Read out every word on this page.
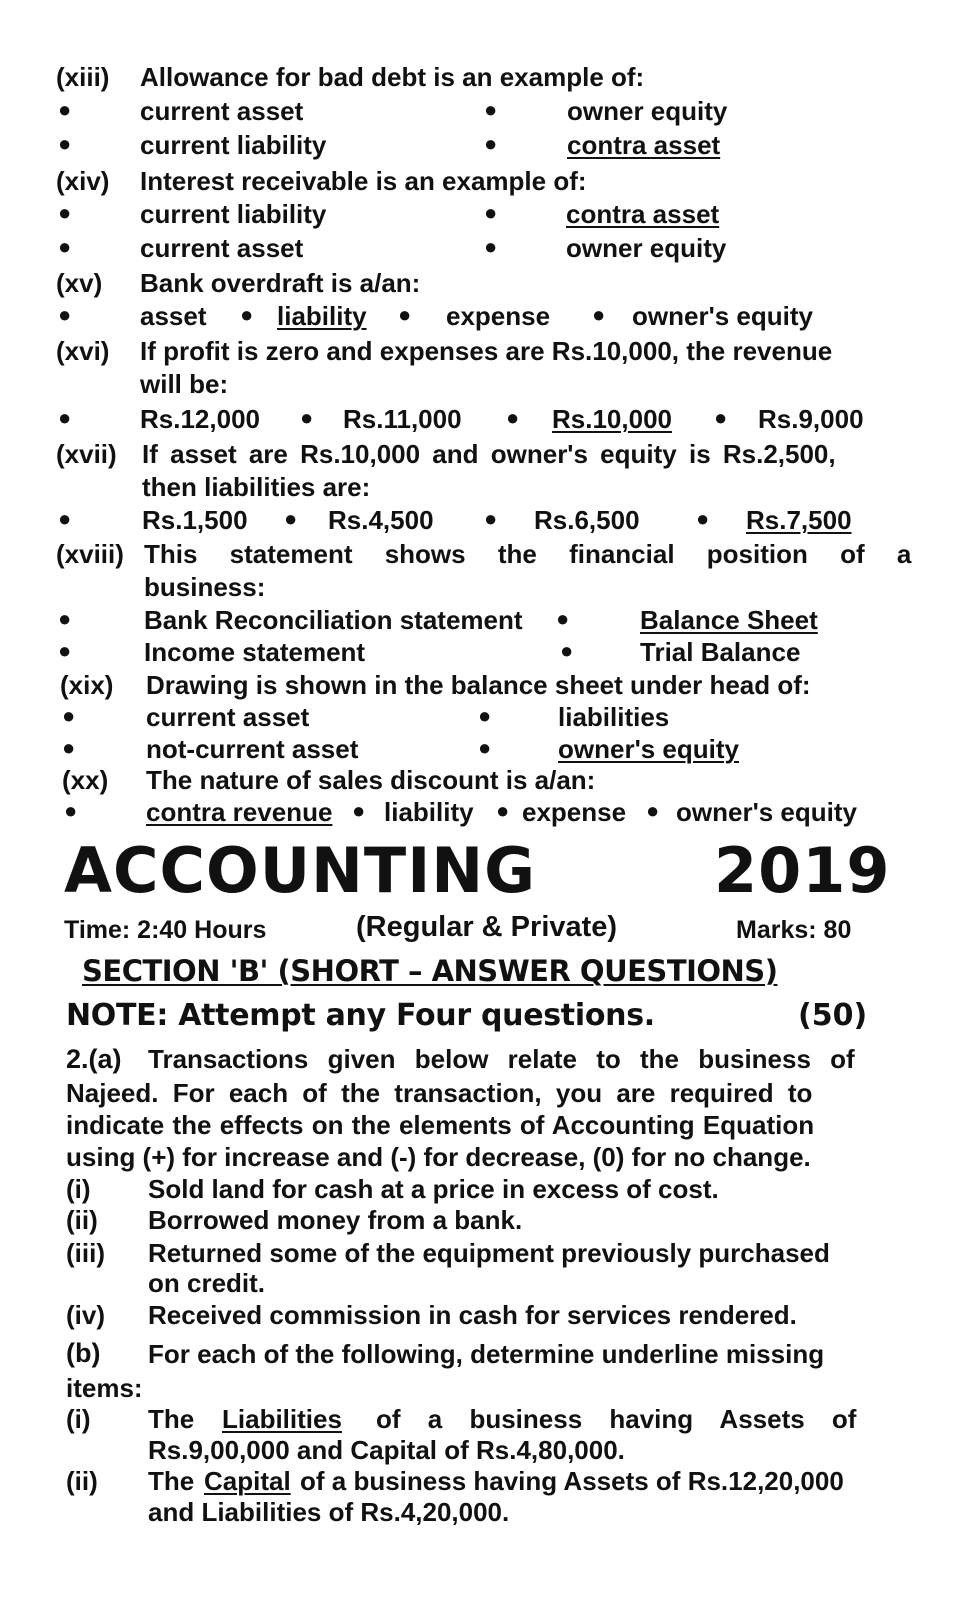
(xiii) Allowance for bad debt is an example of:
●	current asset	●	owner equity
●	current liability	●	contra asset
(xiv) Interest receivable is an example of:
●	current liability	●	contra asset
●	current asset	●	owner equity
(xv) Bank overdraft is a/an:
●	asset ● liability ● expense ● owner's equity
(xvi) If profit is zero and expenses are Rs.10,000, the revenue
will be:
●	Rs.12,000 ● Rs.11,000 ● Rs.10,000 ● Rs.9,000
(xvii) If asset are Rs.10,000 and owner's equity is Rs.2,500,
then liabilities are:
●	Rs.1,500 ● Rs.4,500 ● Rs.6,500	● Rs.7,500
(xviii) This statement shows the financial position of a
business:
●	Bank Reconciliation statement ●	Balance Sheet
●	Income statement	●	Trial Balance
(xix) Drawing is shown in the balance sheet under head of:
●	current asset	●	liabilities
●	not-current asset	●	owner's equity
(xx) The nature of sales discount is a/an:
●	contra revenue ● liability ● expense ● owner's equity
ACCOUNTING	2019
Time: 2:40 Hours	(Regular & Private)	Marks: 80
SECTION 'B' (SHORT – ANSWER QUESTIONS)
NOTE: Attempt any Four questions.	(50)
2.(a) Transactions given below relate to the business of
Najeed. For each of the transaction, you are required to
indicate the effects on the elements of Accounting Equation
using (+) for increase and (-) for decrease, (0) for no change.
(i) Sold land for cash at a price in excess of cost.
(ii) Borrowed money from a bank.
(iii) Returned some of the equipment previously purchased
on credit.
(iv) Received commission in cash for services rendered.
(b) For each of the following, determine underline missing
items:
(i) The Liabilities of a business having Assets of
Rs.9,00,000 and Capital of Rs.4,80,000.
(ii) The Capital of a business having Assets of Rs.12,20,000
and Liabilities of Rs.4,20,000.
